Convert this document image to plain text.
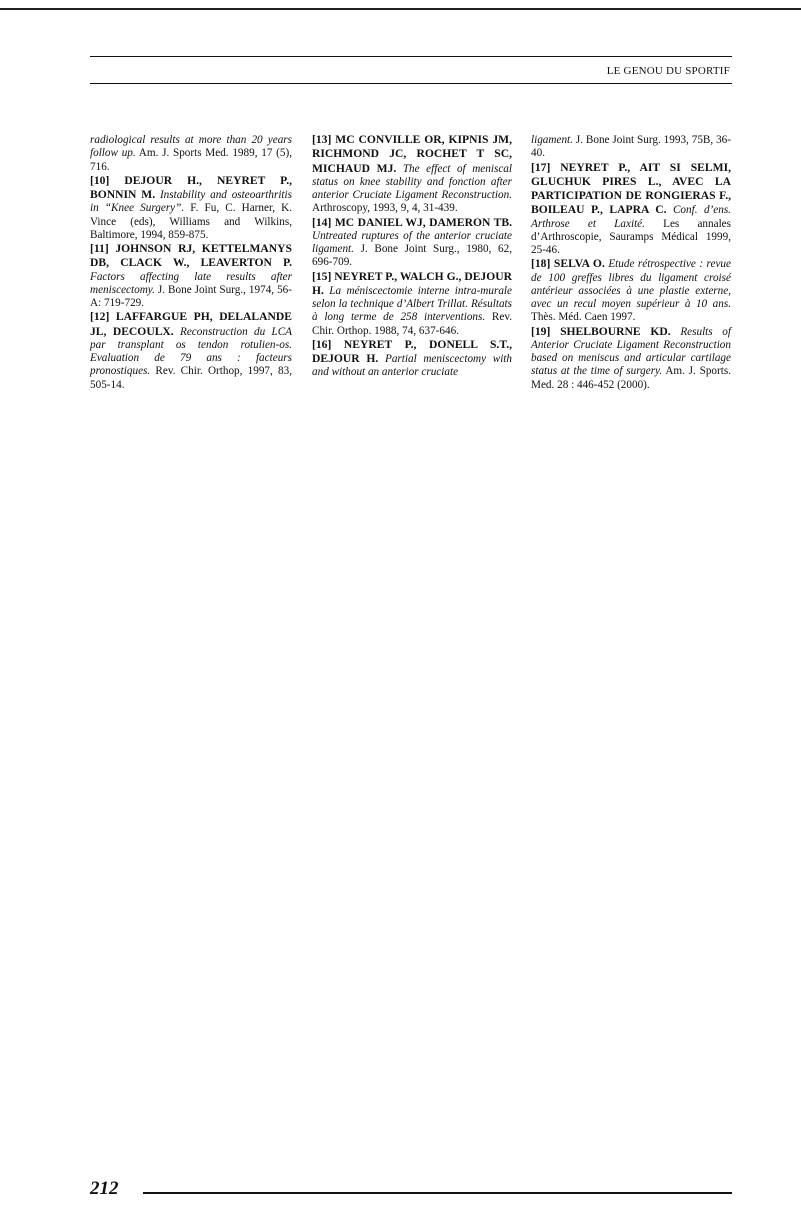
LE GENOU DU SPORTIF

radiological results at more than 20 years follow up. Am. J. Sports Med. 1989, 17 (5), 716.

[10] DEJOUR H., NEYRET P., BONNIN M. Instability and osteoarthritis in “Knee Surgery”. F. Fu, C. Harner, K. Vince (eds), Williams and Wilkins, Baltimore, 1994, 859-875.

[11] JOHNSON RJ, KETTELMANYS DB, CLACK W., LEAVERTON P. Factors affecting late results after meniscectomy. J. Bone Joint Surg., 1974, 56-A: 719-729.

[12] LAFFARGUE PH, DELALANDE JL, DECOULX. Reconstruction du LCA par transplant os tendon rotulien-os. Evaluation de 79 ans : facteurs pronostiques. Rev. Chir. Orthop, 1997, 83, 505-14.

[13] MC CONVILLE OR, KIPNIS JM, RICHMOND JC, ROCHET T SC, MICHAUD MJ. The effect of meniscal status on knee stability and fonction after anterior Cruciate Ligament Reconstruction. Arthroscopy, 1993, 9, 4, 31-439.

[14] MC DANIEL WJ, DAMERON TB. Untreated ruptures of the anterior cruciate ligament. J. Bone Joint Surg., 1980, 62, 696-709.

[15] NEYRET P., WALCH G., DEJOUR H. La méniscectomie interne intra-murale selon la technique d’Albert Trillat. Résultats à long terme de 258 interventions. Rev. Chir. Orthop. 1988, 74, 637-646.

[16] NEYRET P., DONELL S.T., DEJOUR H. Partial meniscectomy with and without an anterior cruciate

ligament. J. Bone Joint Surg. 1993, 75B, 36-40.

[17] NEYRET P., AIT SI SELMI, GLUCHUK PIRES L., AVEC LA PARTICIPATION DE RONGIERAS F., BOILEAU P., LAPRA C. Conf. d’ens. Arthrose et Laxité. Les annales d’Arthroscopie, Sauramps Médical 1999, 25-46.

[18] SELVA O. Etude rétrospective : revue de 100 greffes libres du ligament croisé antérieur associées à une plastie externe, avec un recul moyen supérieur à 10 ans. Thès. Méd. Caen 1997.

[19] SHELBOURNE KD. Results of Anterior Cruciate Ligament Reconstruction based on meniscus and articular cartilage status at the time of surgery. Am. J. Sports. Med. 28 : 446-452 (2000).

212
